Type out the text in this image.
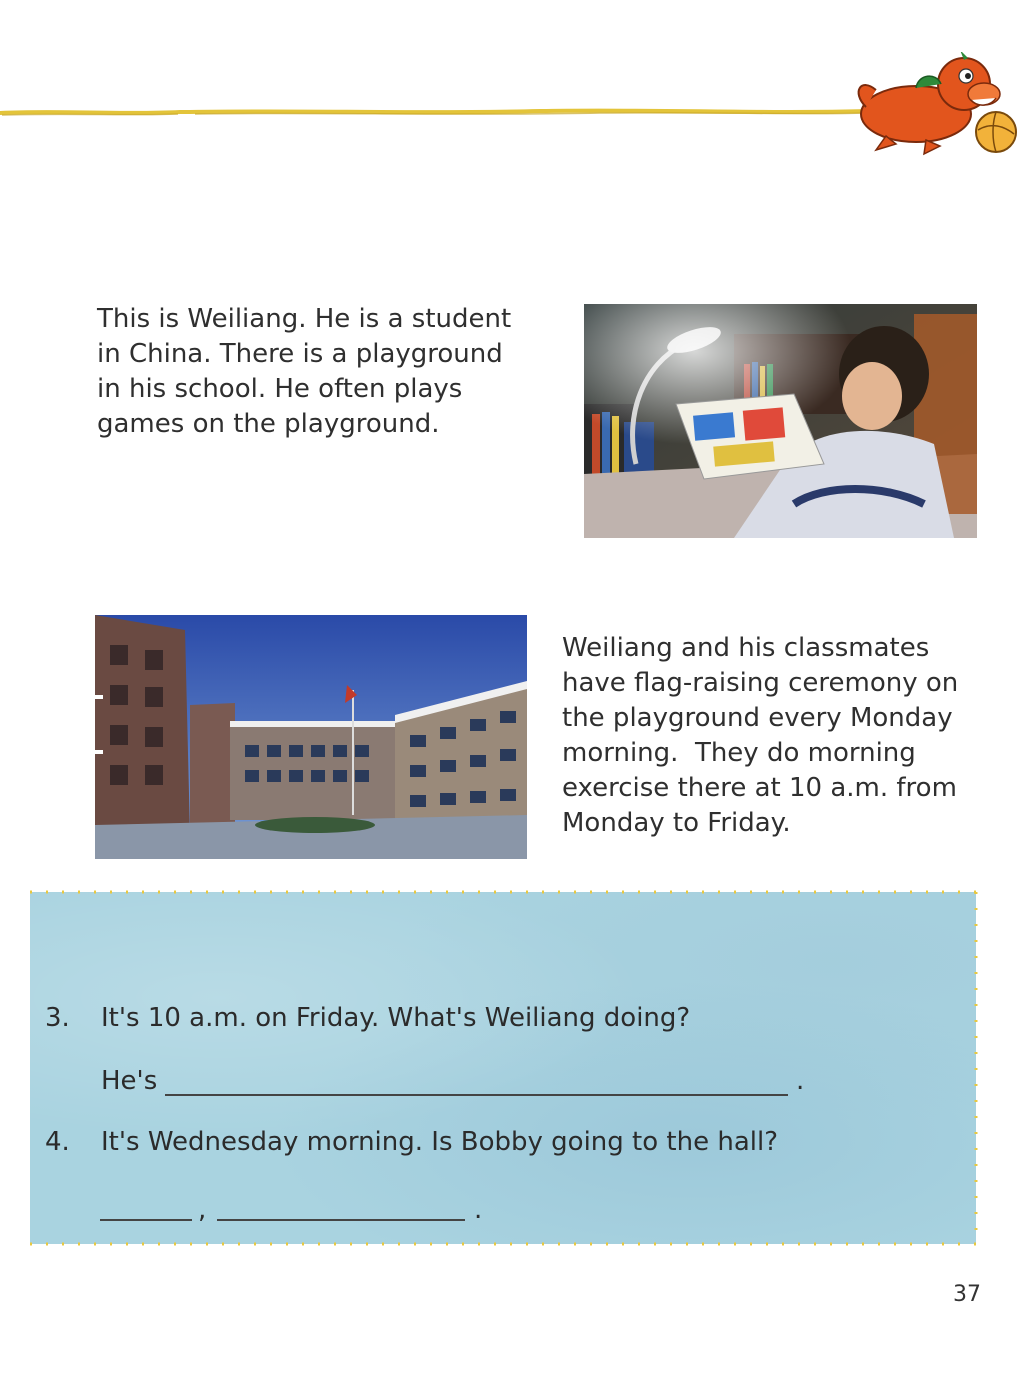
This is Weiliang. He is a student
in China. There is a playground
in his school. He often plays
games on the playground.
Weiliang and his classmates
have flag-raising ceremony on
the playground every Monday
morning.  They do morning
exercise there at 10 a.m. from
Monday to Friday.
3. It's 10 a.m. on Friday. What's Weiliang doing?
He's	.
4. It's Wednesday morning. Is Bobby going to the hall?
,	.
37
